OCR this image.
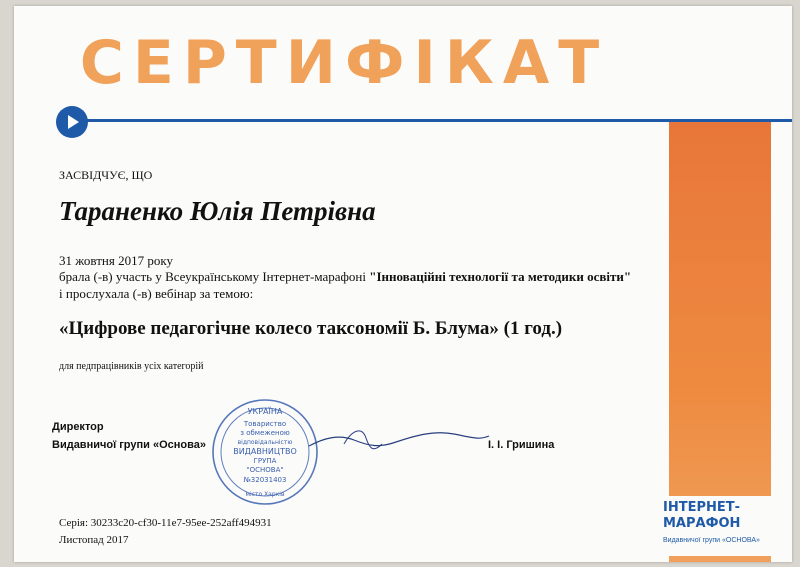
СЕРТИФІКАТ
ЗАСВІДЧУЄ, ЩО
Тараненко Юлія Петрівна
31 жовтня 2017 року
брала (-в) участь у Всеукраїнському Інтернет-марафоні "Інноваційні технології та методики освіти"
і прослухала (-в) вебінар за темою:
«Цифрове педагогічне колесо таксономії Б. Блума» (1 год.)
для педпрацівників усіх категорій
Директор
Видавничої групи «Основа»	І. І. Гришина
УКРАЇНА
Товариство
з обмеженою
відповідальністю
ВИДАВНИЦТВО
ГРУПА
"ОСНОВА"
№32031403
місто Харків
Серія: 30233c20-cf30-11e7-95ee-252aff494931
Листопад 2017
ІНТЕРНЕТ-
МАРАФОН
Видавничої групи «ОСНОВА»
